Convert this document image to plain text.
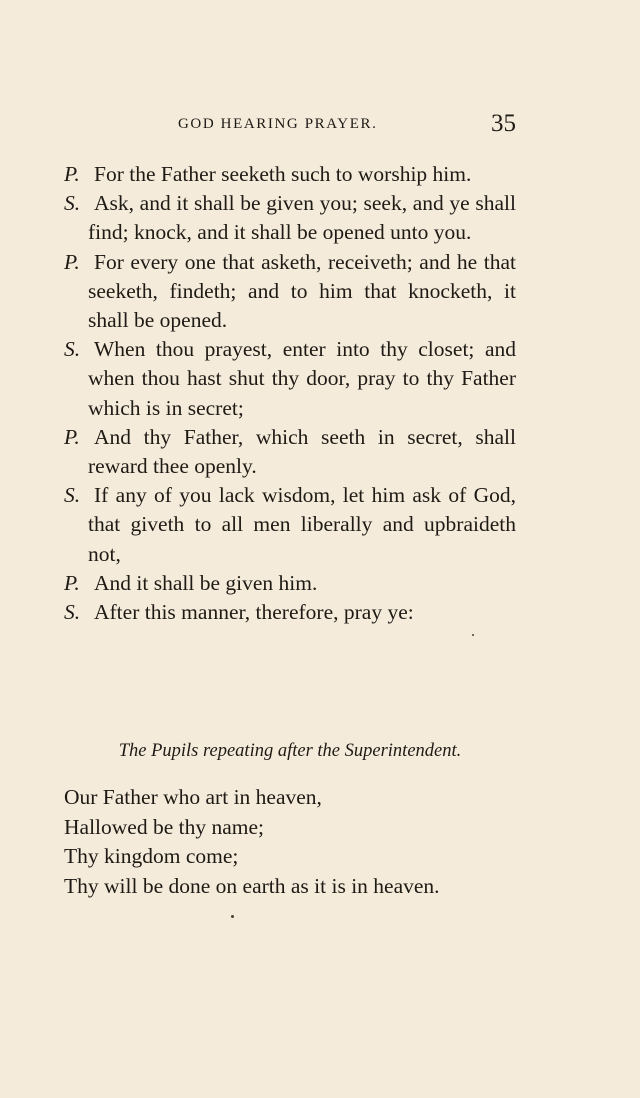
GOD HEARING PRAYER.	35

P. For the Father seeketh such to worship him.

S. Ask, and it shall be given you; seek, and ye shall find; knock, and it shall be opened unto you.

P. For every one that asketh, receiveth; and he that seeketh, findeth; and to him that knocketh, it shall be opened.

S. When thou prayest, enter into thy closet; and when thou hast shut thy door, pray to thy Father which is in secret;

P. And thy Father, which seeth in secret, shall reward thee openly.

S. If any of you lack wisdom, let him ask of God, that giveth to all men liberally and upbraideth not,

P. And it shall be given him.

S. After this manner, therefore, pray ye:

The Pupils repeating after the Superintendent.

Our Father who art in heaven,

Hallowed be thy name;

Thy kingdom come;

Thy will be done on earth as it is in heaven.
